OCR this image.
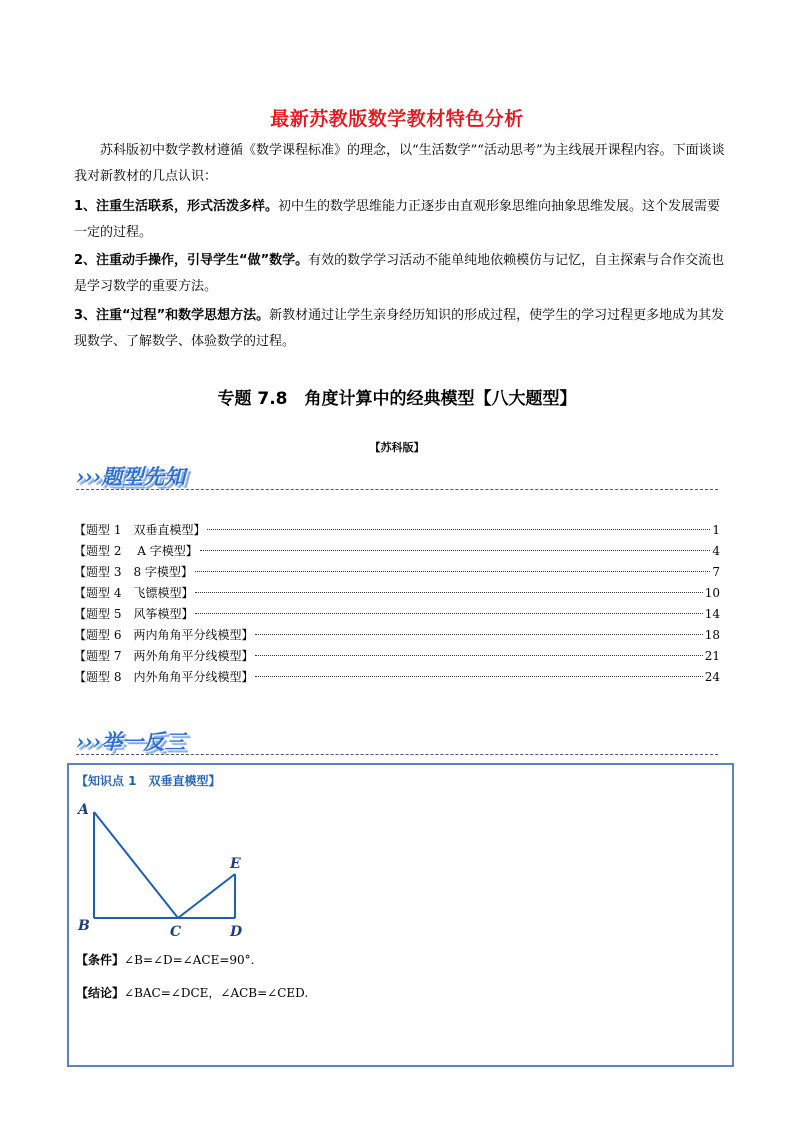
最新苏教版数学教材特色分析
苏科版初中数学教材遵循《数学课程标准》的理念，以“生活数学”“活动思考”为主线展开课程内容。下面谈谈我对新教材的几点认识：
1、注重生活联系，形式活泼多样。初中生的数学思维能力正逐步由直观形象思维向抽象思维发展。这个发展需要一定的过程。
2、注重动手操作，引导学生“做”数学。有效的数学学习活动不能单纯地依赖模仿与记忆，自主探索与合作交流也是学习数学的重要方法。
3、注重“过程”和数学思想方法。新教材通过让学生亲身经历知识的形成过程，使学生的学习过程更多地成为其发现数学、了解数学、体验数学的过程。
专题 7.8　角度计算中的经典模型【八大题型】
【苏科版】
›››题型先知
【题型 1　双垂直模型】	1
【题型 2　 A 字模型】	4
【题型 3　8 字模型】	7
【题型 4　飞镖模型】	10
【题型 5　风筝模型】	14
【题型 6　两内角角平分线模型】	18
【题型 7　两外角角平分线模型】	21
【题型 8　内外角角平分线模型】	24
›››举一反三
【知识点 1　双垂直模型】
A
B	C	D
E
【条件】∠B=∠D=∠ACE=90°.
【结论】∠BAC=∠DCE，∠ACB=∠CED.
